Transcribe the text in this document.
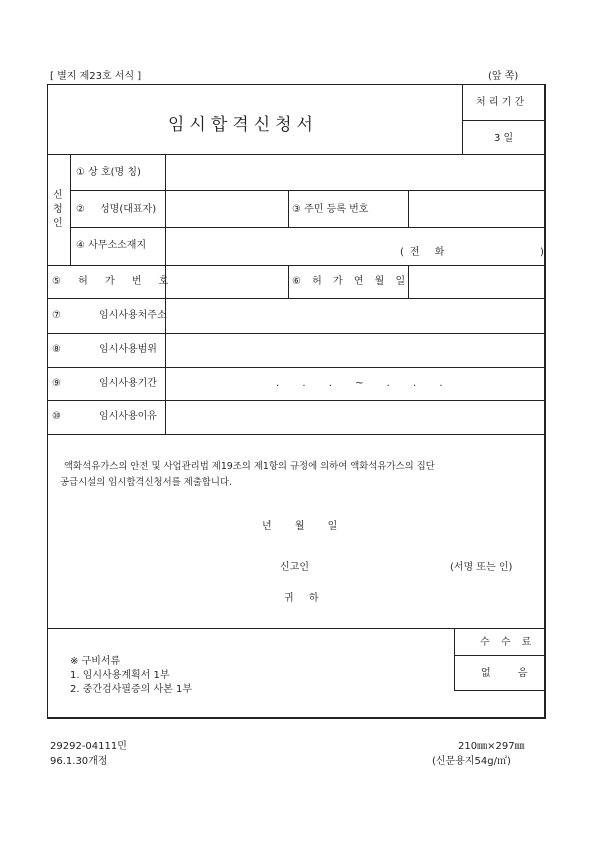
[ 별지 제23호 서식 ]	(앞 쪽)
임시합격신청서
처 리 기 간
3 일
신
청
인
① 상 호(명 칭)
② 성명(대표자)	③ 주민 등록 번호
④ 사무소소재지
(전 화	)
⑤ 허 가 번 호	⑥ 허 가 연 월 일
⑦	임시사용처주소
⑧	임시사용범위
⑨	임시사용기간	. . . ~ . . .
⑩	임시사용이유
액화석유가스의 안전 및 사업관리법 제19조의 제1항의 규정에 의하여 액화석유가스의 집단
공급시설의 임시합격신청서를 제출합니다.
년 월 일
신고인	(서명 또는 인)
귀 하
※ 구비서류
1. 임시사용계획서 1부
2. 중간검사필증의 사본 1부
수 수 료
없 음
29292-04111민
96.1.30개정
210㎜×297㎜
(신문용지54g/㎡)
